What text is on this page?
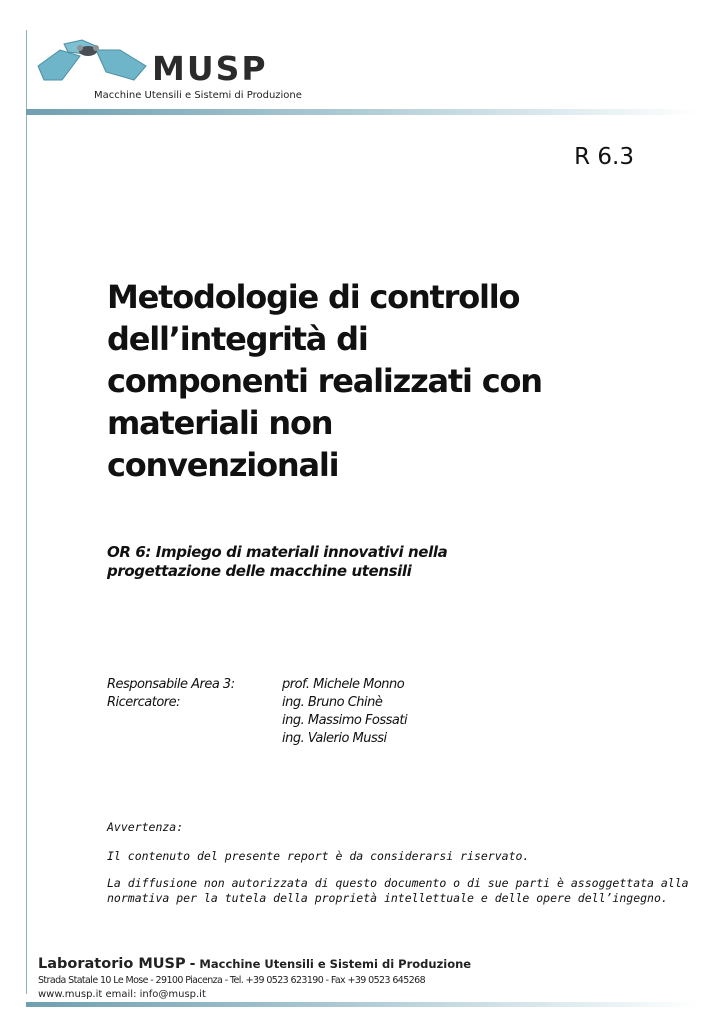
MUSP
Macchine Utensili e Sistemi di Produzione
R 6.3
Metodologie di controllo
dell’integrità di
componenti realizzati con
materiali non
convenzionali
OR 6: Impiego di materiali innovativi nella
progettazione delle macchine utensili
Responsabile Area 3:	prof. Michele Monno
Ricercatore:	ing. Bruno Chinè
ing. Massimo Fossati
ing. Valerio Mussi

Avvertenza:

Il contenuto del presente report è da considerarsi riservato.

La diffusione non autorizzata di questo documento o di sue parti è assoggettata alla
normativa per la tutela della proprietà intellettuale e delle opere dell’ingegno.

Laboratorio MUSP - Macchine Utensili e Sistemi di Produzione
Strada Statale 10 Le Mose - 29100 Piacenza - Tel. +39 0523 623190 - Fax +39 0523 645268
www.musp.it email: info@musp.it
